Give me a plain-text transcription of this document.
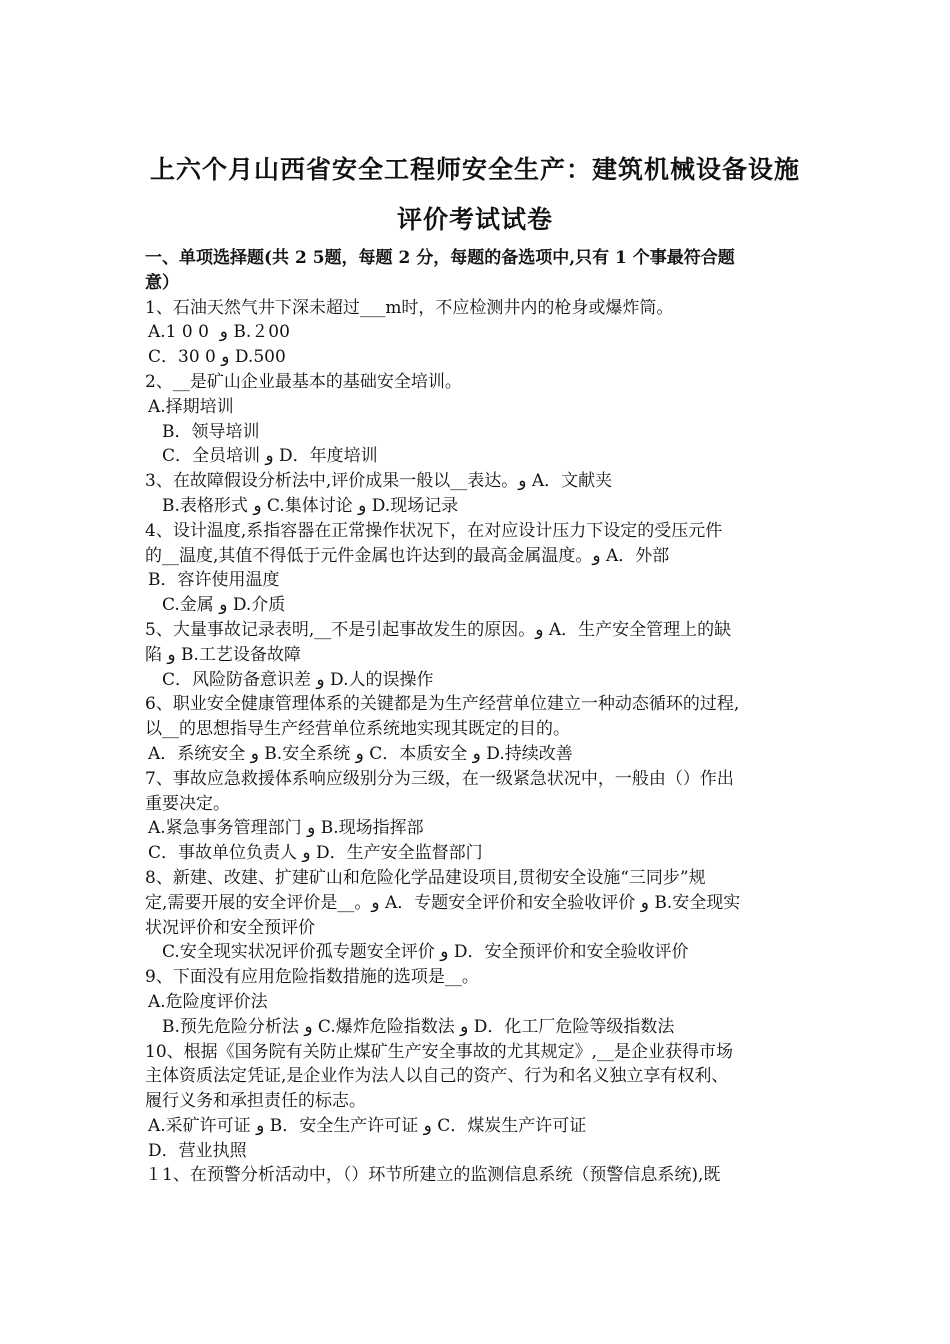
上六个月山西省安全工程师安全生产：建筑机械设备设施
评价考试试卷
一、单项选择题(共 2 5题，每题 2 分，每题的备选项中,只有 1 个事最符合题
意）
1、石油天然气井下深未超过___m时，不应检测井内的枪身或爆炸筒。
A.1 0 0 ⁠ و B.２00
C．30 0 و D.500
2、__是矿山企业最基本的基础安全培训。
A.择期培训
B．领导培训
C．全员培训 و D．年度培训
3、在故障假设分析法中,评价成果一般以__表达。و A．文献夹
B.表格形式 و C.集体讨论 و D.现场记录
4、设计温度,系指容器在正常操作状况下，在对应设计压力下设定的受压元件
的__温度,其值不得低于元件金属也许达到的最高金属温度。و A．外部
B．容许使用温度
C.金属 و D.介质
5、大量事故记录表明,__不是引起事故发生的原因。و A．生产安全管理上的缺
陷 و B.工艺设备故障
C．风险防备意识差 و D.人的误操作
6、职业安全健康管理体系的关键都是为生产经营单位建立一种动态循环的过程,
以__的思想指导生产经营单位系统地实现其既定的目的。
A．系统安全 و B.安全系统 و C．本质安全 و D.持续改善
7、事故应急救援体系响应级别分为三级，在一级紧急状况中，一般由（）作出
重要决定。
A.紧急事务管理部门 و B.现场指挥部
C．事故单位负责人 و D．生产安全监督部门
8、新建、改建、扩建矿山和危险化学品建设项目,贯彻安全设施“三同步”规
定,需要开展的安全评价是__。و A．专题安全评价和安全验收评价 و B.安全现实
状况评价和安全预评价
C.安全现实状况评价孤专题安全评价 و D．安全预评价和安全验收评价
9、下面没有应用危险指数措施的选项是__。
A.危险度评价法
B.预先危险分析法 و C.爆炸危险指数法 و D．化工厂危险等级指数法
10、根据《国务院有关防止煤矿生产安全事故的尤其规定》,__是企业获得市场
主体资质法定凭证,是企业作为法人以自己的资产、行为和名义独立享有权利、
履行义务和承担责任的标志。
A.采矿许可证 و B．安全生产许可证 و C．煤炭生产许可证
D．营业执照
１1、在预警分析活动中，（）环节所建立的监测信息系统（预警信息系统),既
